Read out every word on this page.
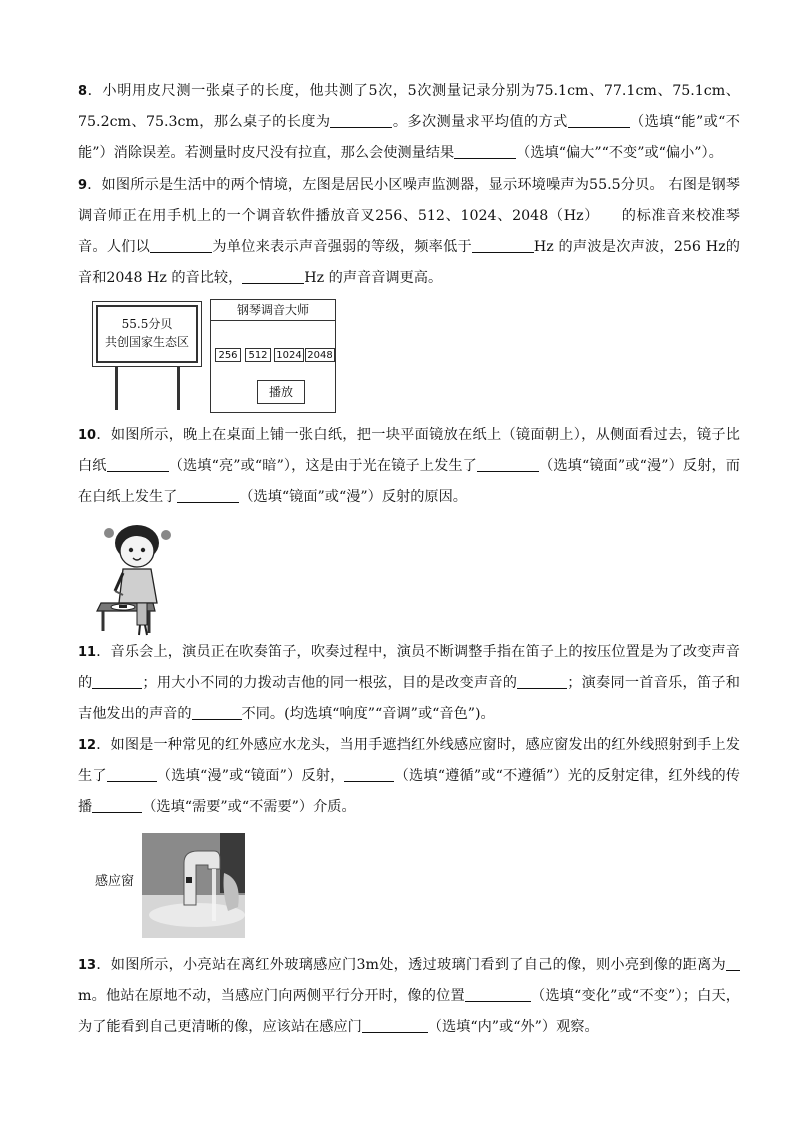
8．小明用皮尺测一张桌子的长度，他共测了5次，5次测量记录分别为75.1cm、77.1cm、75.1cm、75.2cm、75.3cm，那么桌子的长度为	。多次测量求平均值的方式	（选填“能”或“不能”）消除误差。若测量时皮尺没有拉直，那么会使测量结果	（选填“偏大”“不变”或“偏小”）。
9．如图所示是生活中的两个情境，左图是居民小区噪声监测器，显示环境噪声为55.5分贝。 右图是钢琴调音师正在用手机上的一个调音软件播放音叉256、512、1024、2048（Hz）　　的标准音来校准琴音。人们以	为单位来表示声音强弱的等级，频率低于	Hz 的声波是次声波，256 Hz的音和2048 Hz 的音比较，	Hz 的声音音调更高。
55.5分贝
共创国家生态区
钢琴调音大师
256	512 1024 2048
播放
10．如图所示，晚上在桌面上铺一张白纸，把一块平面镜放在纸上（镜面朝上），从侧面看过去，镜子比白纸	（选填“亮”或“暗”），这是由于光在镜子上发生了	（选填“镜面”或“漫”）反射，而在白纸上发生了	（选填“镜面”或“漫”）反射的原因。
11．音乐会上，演员正在吹奏笛子，吹奏过程中，演员不断调整手指在笛子上的按压位置是为了改变声音的	；用大小不同的力拨动吉他的同一根弦，目的是改变声音的	；演奏同一首音乐，笛子和吉他发出的声音的	不同。(均选填“响度”“音调”或“音色”)。
12．如图是一种常见的红外感应水龙头，当用手遮挡红外线感应窗时，感应窗发出的红外线照射到手上发生了	（选填“漫”或“镜面”）反射，	（选填“遵循”或“不遵循”）光的反射定律，红外线的传播	（选填“需要”或“不需要”）介质。
感应窗
13．如图所示，小亮站在离红外玻璃感应门3m处，透过玻璃门看到了自己的像，则小亮到像的距离为m。他站在原地不动，当感应门向两侧平行分开时，像的位置	（选填“变化”或“不变”）；白天，为了能看到自己更清晰的像，应该站在感应门	（选填“内”或“外”）观察。
